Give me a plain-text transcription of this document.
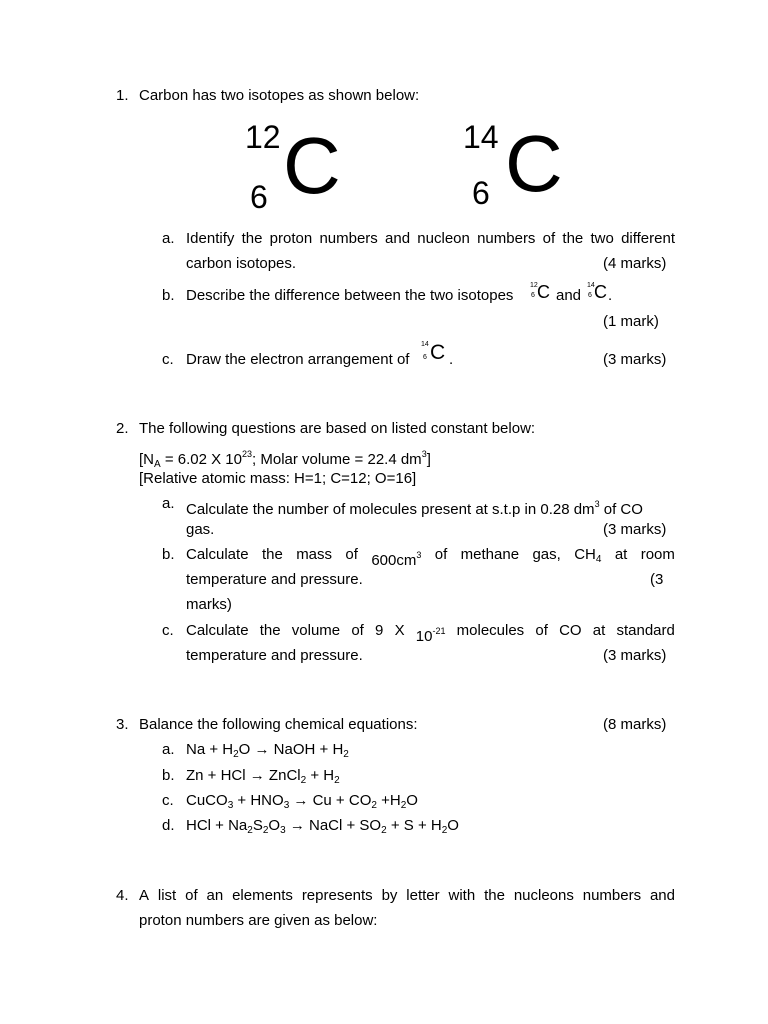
1. Carbon has two isotopes as shown below:
12
6 C	14
6 C
a. Identify the proton numbers and nucleon numbers of the two different
carbon isotopes.	(4 marks)
b. Describe the difference between the two isotopes
12
6 C and
14
6 C .
(1 mark)
c. Draw the electron arrangement of
14
6 C .	(3 marks)
2. The following questions are based on listed constant below:
[$N_A = 6.02$ X $10^{23}$; Molar volume = 22.4 $dm^3$]
[Relative atomic mass: H=1; C=12; O=16]
a. Calculate the number of molecules present at s.t.p in 0.28 $dm^3$ of CO
gas.	(3 marks)
b. Calculate the mass of $600cm^3$ of methane gas, $CH_4$ at room
temperature and pressure.	(3
marks)
c. Calculate the volume of 9 X $10^{-21}$ molecules of CO at standard
temperature and pressure.	(3 marks)
3. Balance the following chemical equations:	(8 marks)
a. $Na + H_2O$ → NaOH + $H_2$
b. Zn + HCl → ZnCl$_2$ + $H_2$
c. CuCO$_3$ + $HNO_3 \to Cu + CO_2 +H_2O$
d. HCl + $Na_2S_2O_3$ → NaCl + $SO_2 + S + H_2O$
4. A list of an elements represents by letter with the nucleons numbers and
proton numbers are given as below:
